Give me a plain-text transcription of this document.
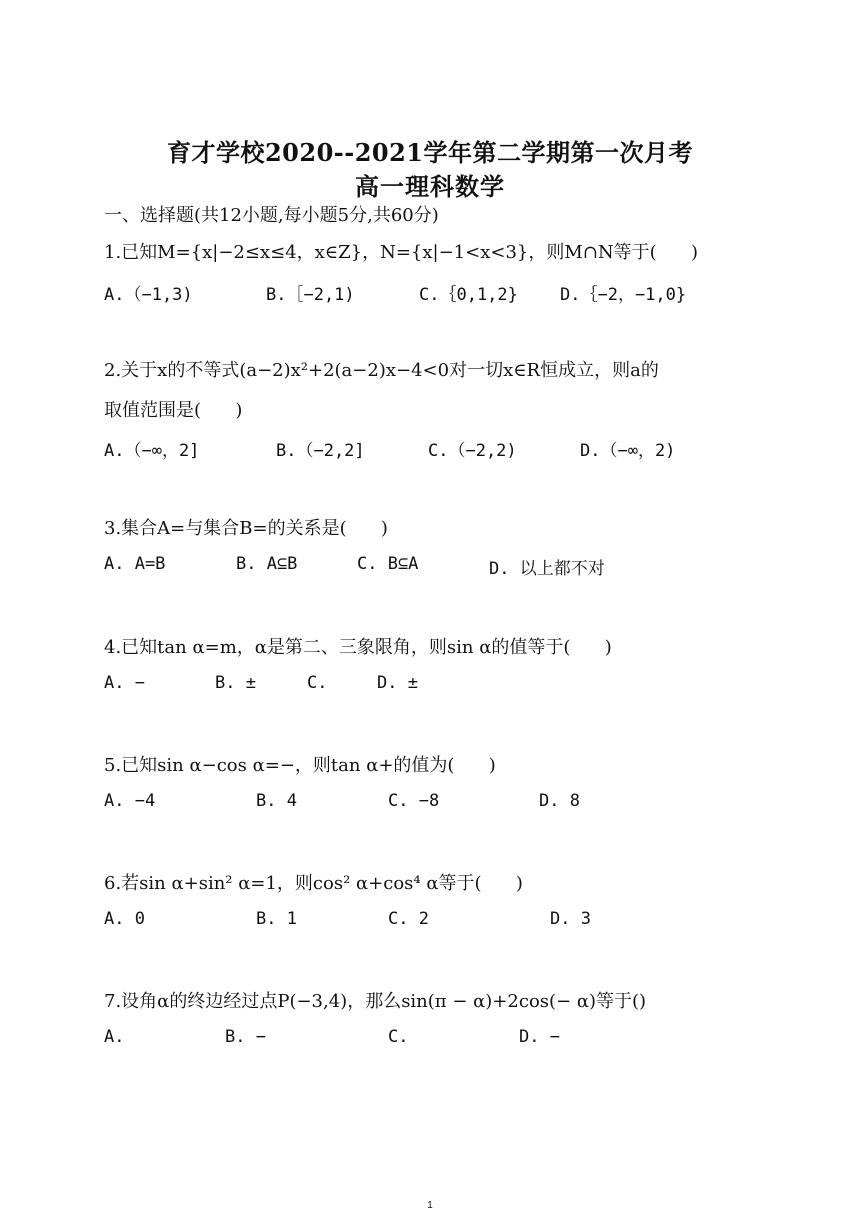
育才学校2020--2021学年第二学期第一次月考
高一理科数学
一、选择题(共12小题,每小题5分,共60分)
1.已知M={x|−2≤x≤4，x∈Z}，N={x|−1<x<3}，则M∩N等于(      )
A.（−1,3)	B.［−2,1)	C.｛0,1,2} D.｛−2，−1,0}
2.关于x的不等式(a−2)x²+2(a−2)x−4<0对一切x∈R恒成立，则a的
取值范围是(      )
A.（−∞，2]	B.（−2,2]	C.（−2,2)	D.（−∞，2)
3.集合A=与集合B=的关系是(      )
A. A=B	B. A⊆B	C. B⊆A	D. 以上都不对
4.已知tan α=m，α是第二、三象限角，则sin α的值等于(      )
A. −	B. ±	C.	D. ±
5.已知sin α−cos α=−，则tan α+的值为(      )
A. −4	B. 4	C. −8	D. 8
6.若sin α+sin² α=1，则cos² α+cos⁴ α等于(      )
A. 0	B. 1	C. 2	D. 3
7.设角α的终边经过点P(−3,4)，那么sin(π − α)+2cos(− α)等于()
A.	B. −	C.	D. −
1
